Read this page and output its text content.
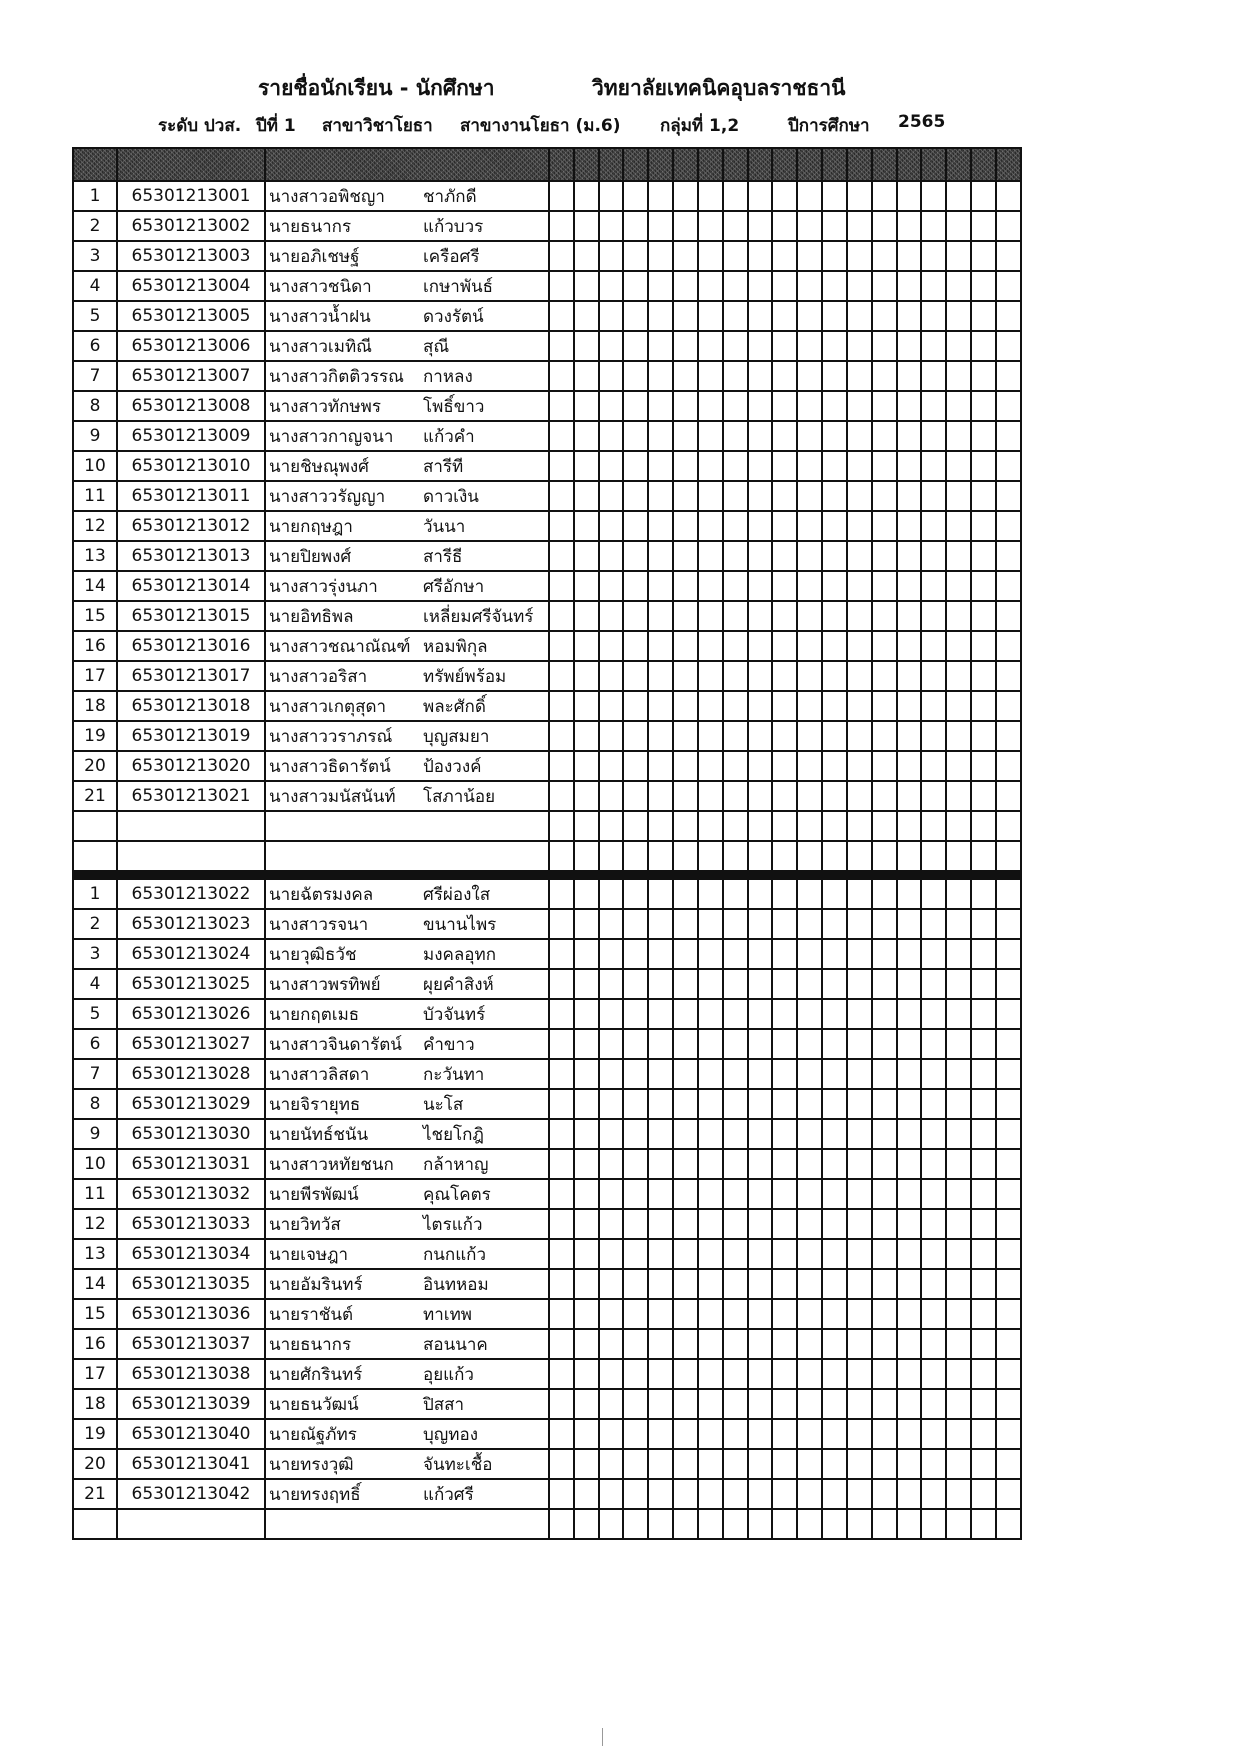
รายชื่อนักเรียน - นักศึกษา	วิทยาลัยเทคนิคอุบลราชธานี
ระดับ ปวส. ปีที่ 1 สาขาวิชาโยธา สาขางานโยธา (ม.6) กลุ่มที่ 1,2	ปีการศึกษา 2565

1	65301213001	นางสาวอพิชญา ชาภักดี																			
2	65301213002	นายธนากร แก้วบวร																			
3	65301213003	นายอภิเชษฐ์ เครือศรี																			
4	65301213004	นางสาวชนิดา เกษาพันธ์																			
5	65301213005	นางสาวน้ำฝน ดวงรัตน์																			
6	65301213006	นางสาวเมทิณี สุณี																			
7	65301213007	นางสาวกิตติวรรณ กาหลง																			
8	65301213008	นางสาวทักษพร โพธิ์ขาว																			
9	65301213009	นางสาวกาญจนา แก้วคำ																			
10	65301213010	นายชิษณุพงศ์ สารีที																			
11	65301213011	นางสาววรัญญา ดาวเงิน																			
12	65301213012	นายกฤษฎา วันนา																			
13	65301213013	นายปิยพงศ์ สารีธี																			
14	65301213014	นางสาวรุ่งนภา ศรีอักษา																			
15	65301213015	นายอิทธิพล เหลี่ยมศรีจันทร์																			
16	65301213016	นางสาวชณาณัณฑ์ หอมพิกุล																			
17	65301213017	นางสาวอริสา ทรัพย์พร้อม																			
18	65301213018	นางสาวเกตุสุดา พละศักดิ์																			
19	65301213019	นางสาววราภรณ์ บุญสมยา																			
20	65301213020	นางสาวธิดารัตน์ ป้องวงค์																			
21	65301213021	นางสาวมนัสนันท์ โสภาน้อย																			

1	65301213022	นายฉัตรมงคล ศรีผ่องใส																			
2	65301213023	นางสาวรจนา ขนานไพร																			
3	65301213024	นายวุฒิธวัช มงคลอุทก																			
4	65301213025	นางสาวพรทิพย์ ผุยคำสิงห์																			
5	65301213026	นายกฤตเมธ บัวจันทร์																			
6	65301213027	นางสาวจินดารัตน์ คำขาว																			
7	65301213028	นางสาวลิสดา กะวันทา																			
8	65301213029	นายจิรายุทธ นะโส																			
9	65301213030	นายนัทธ์ชนัน ไชยโกฎิ																			
10	65301213031	นางสาวหทัยชนก กล้าหาญ																			
11	65301213032	นายพีรพัฒน์ คุณโคตร																			
12	65301213033	นายวิทวัส ไตรแก้ว																			
13	65301213034	นายเจษฎา กนกแก้ว																			
14	65301213035	นายอัมรินทร์ อินทหอม																			
15	65301213036	นายราชันต์ ทาเทพ																			
16	65301213037	นายธนากร สอนนาค																			
17	65301213038	นายศักรินทร์ อุยแก้ว																			
18	65301213039	นายธนวัฒน์ ปิสสา																			
19	65301213040	นายณัฐภัทร บุญทอง																			
20	65301213041	นายทรงวุฒิ จันทะเชื้อ																			
21	65301213042	นายทรงฤทธิ์ แก้วศรี																			
